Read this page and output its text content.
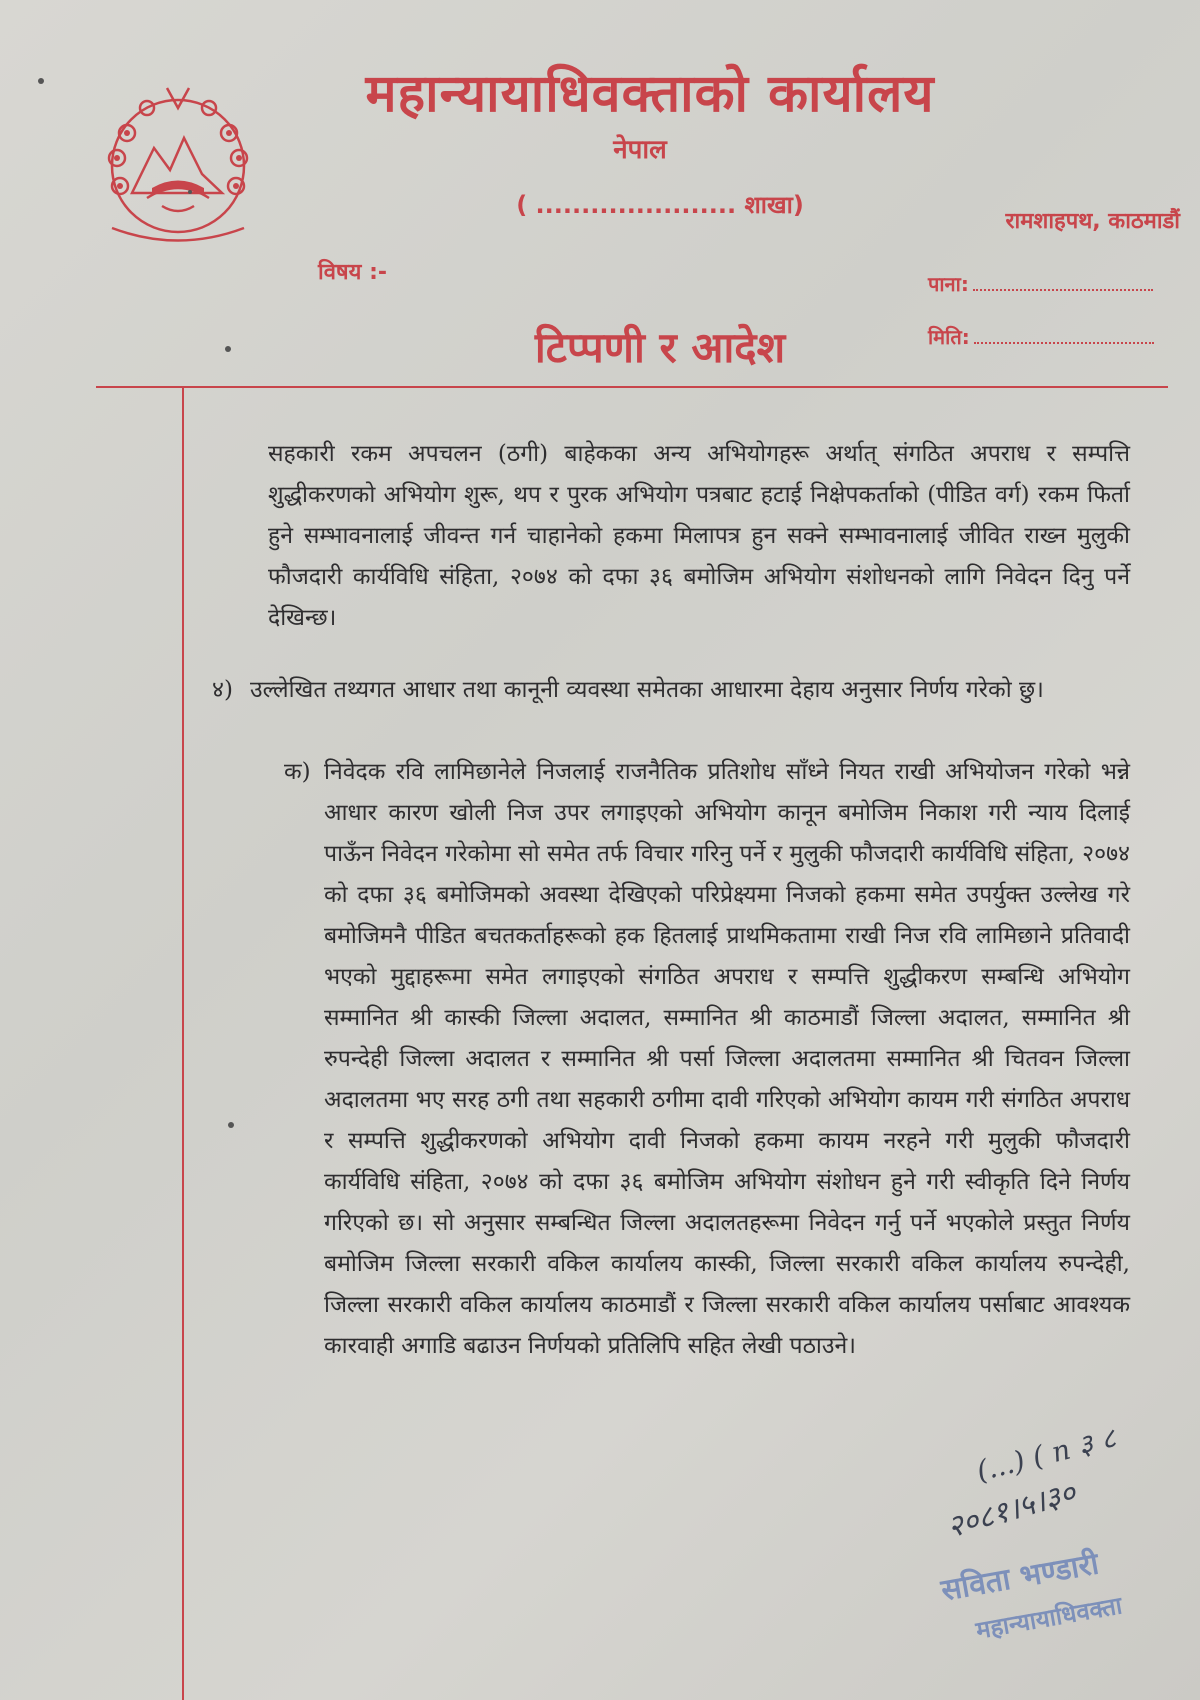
महान्यायाधिवक्ताको कार्यालय
नेपाल
( ...................... शाखा)
रामशाहपथ, काठमाडौं
विषय :-	पाना:
मिति:
टिप्पणी र आदेश
सहकारी रकम अपचलन (ठगी) बाहेकका अन्य अभियोगहरू अर्थात् संगठित अपराध र सम्पत्ति शुद्धीकरणको अभियोग शुरू, थप र पुरक अभियोग पत्रबाट हटाई निक्षेपकर्ताको (पीडित वर्ग) रकम फिर्ता हुने सम्भावनालाई जीवन्त गर्न चाहानेको हकमा मिलापत्र हुन सक्ने सम्भावनालाई जीवित राख्न मुलुकी फौजदारी कार्यविधि संहिता, २०७४ को दफा ३६ बमोजिम अभियोग संशोधनको लागि निवेदन दिनु पर्ने देखिन्छ।
४) उल्लेखित तथ्यगत आधार तथा कानूनी व्यवस्था समेतका आधारमा देहाय अनुसार निर्णय गरेको छु।
क) निवेदक रवि लामिछानेले निजलाई राजनैतिक प्रतिशोध साँध्ने नियत राखी अभियोजन गरेको भन्ने आधार कारण खोली निज उपर लगाइएको अभियोग कानून बमोजिम निकाश गरी न्याय दिलाई पाऊँन निवेदन गरेकोमा सो समेत तर्फ विचार गरिनु पर्ने र मुलुकी फौजदारी कार्यविधि संहिता, २०७४ को दफा ३६ बमोजिमको अवस्था देखिएको परिप्रेक्ष्यमा निजको हकमा समेत उपर्युक्त उल्लेख गरे बमोजिमनै पीडित बचतकर्ताहरूको हक हितलाई प्राथमिकतामा राखी निज रवि लामिछाने प्रतिवादी भएको मुद्दाहरूमा समेत लगाइएको संगठित अपराध र सम्पत्ति शुद्धीकरण सम्बन्धि अभियोग सम्मानित श्री कास्की जिल्ला अदालत, सम्मानित श्री काठमाडौं जिल्ला अदालत, सम्मानित श्री रुपन्देही जिल्ला अदालत र सम्मानित श्री पर्सा जिल्ला अदालतमा सम्मानित श्री चितवन जिल्ला अदालतमा भए सरह ठगी तथा सहकारी ठगीमा दावी गरिएको अभियोग कायम गरी संगठित अपराध र सम्पत्ति शुद्धीकरणको अभियोग दावी निजको हकमा कायम नरहने गरी मुलुकी फौजदारी कार्यविधि संहिता, २०७४ को दफा ३६ बमोजिम अभियोग संशोधन हुने गरी स्वीकृति दिने निर्णय गरिएको छ। सो अनुसार सम्बन्धित जिल्ला अदालतहरूमा निवेदन गर्नु पर्ने भएकोले प्रस्तुत निर्णय बमोजिम जिल्ला सरकारी वकिल कार्यालय कास्की, जिल्ला सरकारी वकिल कार्यालय रुपन्देही, जिल्ला सरकारी वकिल कार्यालय काठमाडौं र जिल्ला सरकारी वकिल कार्यालय पर्साबाट आवश्यक कारवाही अगाडि बढाउन निर्णयको प्रतिलिपि सहित लेखी पठाउने।
(...) ( n ३ ८
२०८१।५।३०
सविता भण्डारी
महान्यायाधिवक्ता
